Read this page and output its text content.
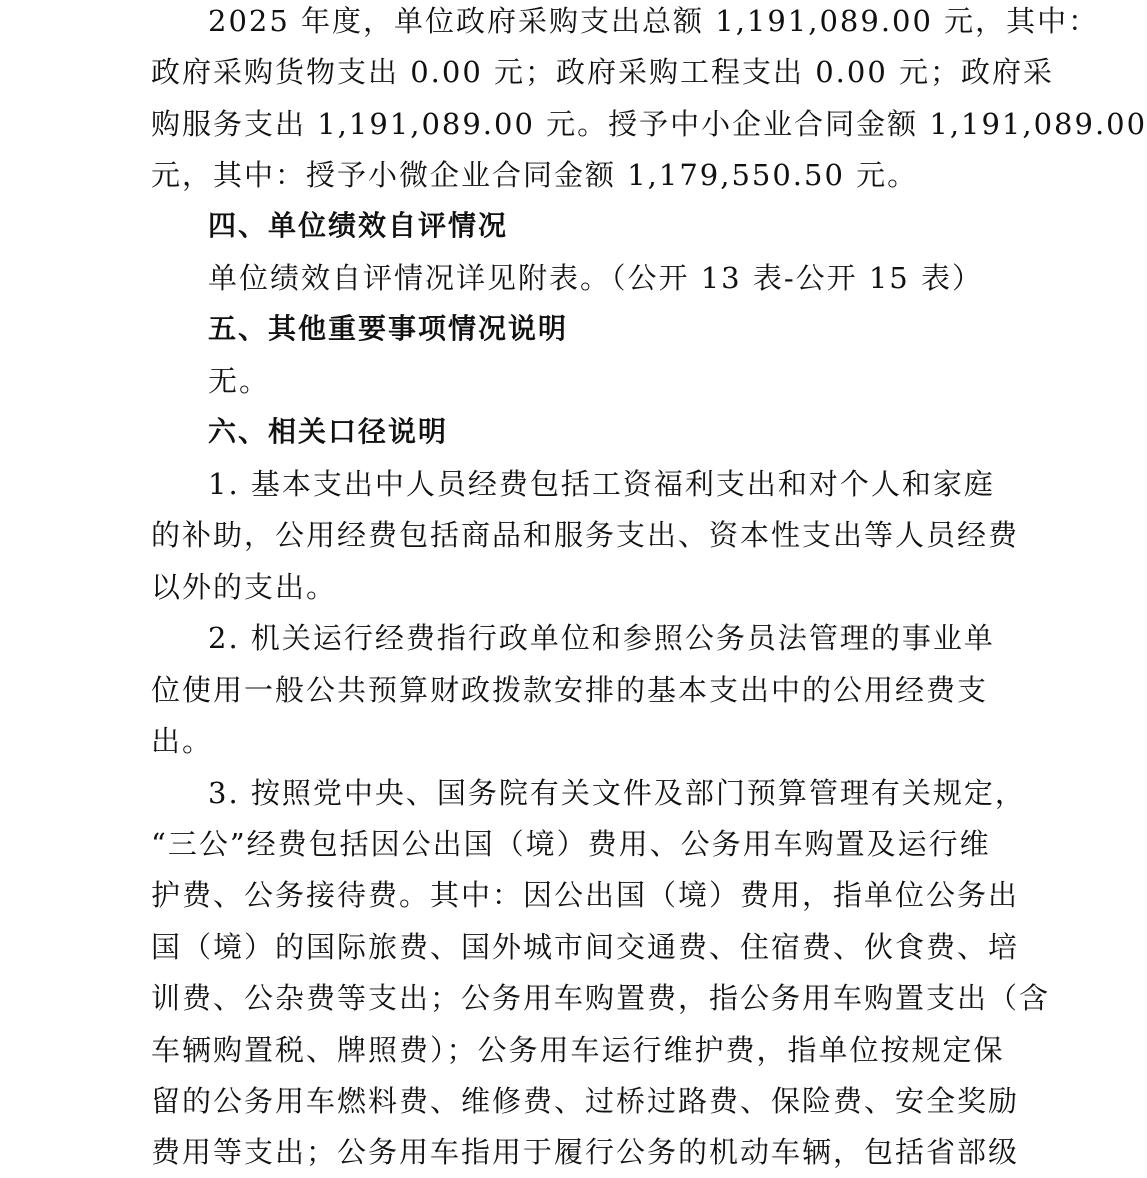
2025 年度，单位政府采购支出总额 1,191,089.00 元，其中：
政府采购货物支出 0.00 元；政府采购工程支出 0.00 元；政府采
购服务支出 1,191,089.00 元。授予中小企业合同金额 1,191,089.00
元，其中：授予小微企业合同金额 1,179,550.50 元。
四、单位绩效自评情况
单位绩效自评情况详见附表。（公开 13 表-公开 15 表）
五、其他重要事项情况说明
无。
六、相关口径说明
1. 基本支出中人员经费包括工资福利支出和对个人和家庭
的补助，公用经费包括商品和服务支出、资本性支出等人员经费
以外的支出。
2. 机关运行经费指行政单位和参照公务员法管理的事业单
位使用一般公共预算财政拨款安排的基本支出中的公用经费支
出。
3. 按照党中央、国务院有关文件及部门预算管理有关规定，
“三公”经费包括因公出国（境）费用、公务用车购置及运行维
护费、公务接待费。其中：因公出国（境）费用，指单位公务出
国（境）的国际旅费、国外城市间交通费、住宿费、伙食费、培
训费、公杂费等支出；公务用车购置费，指公务用车购置支出（含
车辆购置税、牌照费）；公务用车运行维护费，指单位按规定保
留的公务用车燃料费、维修费、过桥过路费、保险费、安全奖励
费用等支出；公务用车指用于履行公务的机动车辆，包括省部级
